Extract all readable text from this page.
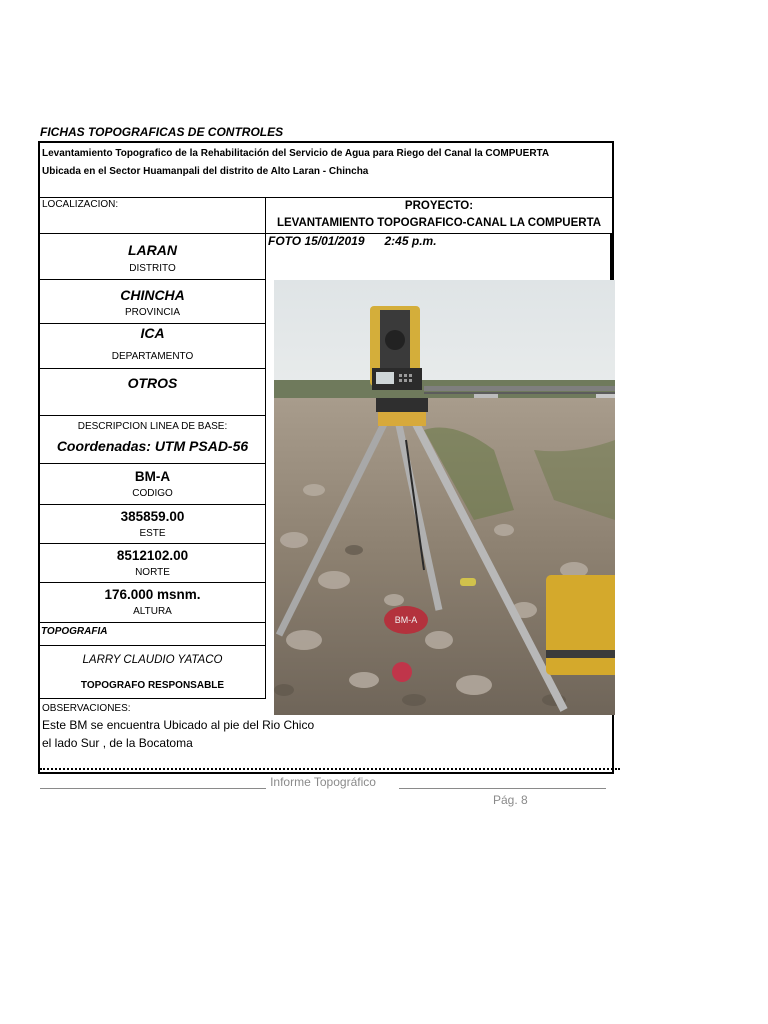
FICHAS TOPOGRAFICAS DE CONTROLES
Levantamiento Topografico de la Rehabilitación del Servicio de Agua para Riego del Canal la COMPUERTA
Ubicada en el Sector Huamanpali del distrito de Alto Laran - Chincha
LOCALIZACION:	PROYECTO:
LEVANTAMIENTO TOPOGRAFICO-CANAL LA COMPUERTA
FOTO 15/01/2019      2:45 p.m.
LARAN
DISTRITO
CHINCHA
PROVINCIA
ICA
DEPARTAMENTO
OTROS
DESCRIPCION LINEA DE BASE:
Coordenadas: UTM PSAD-56
BM-A
CODIGO
385859.00
ESTE
8512102.00
NORTE
176.000 msnm.
ALTURA
TOPOGRAFIA
LARRY CLAUDIO YATACO
TOPOGRAFO RESPONSABLE
OBSERVACIONES:
Este BM se encuentra Ubicado al pie del Rio Chico
el lado Sur , de la Bocatoma
BM-A
Informe Topográfico
Pág. 8
